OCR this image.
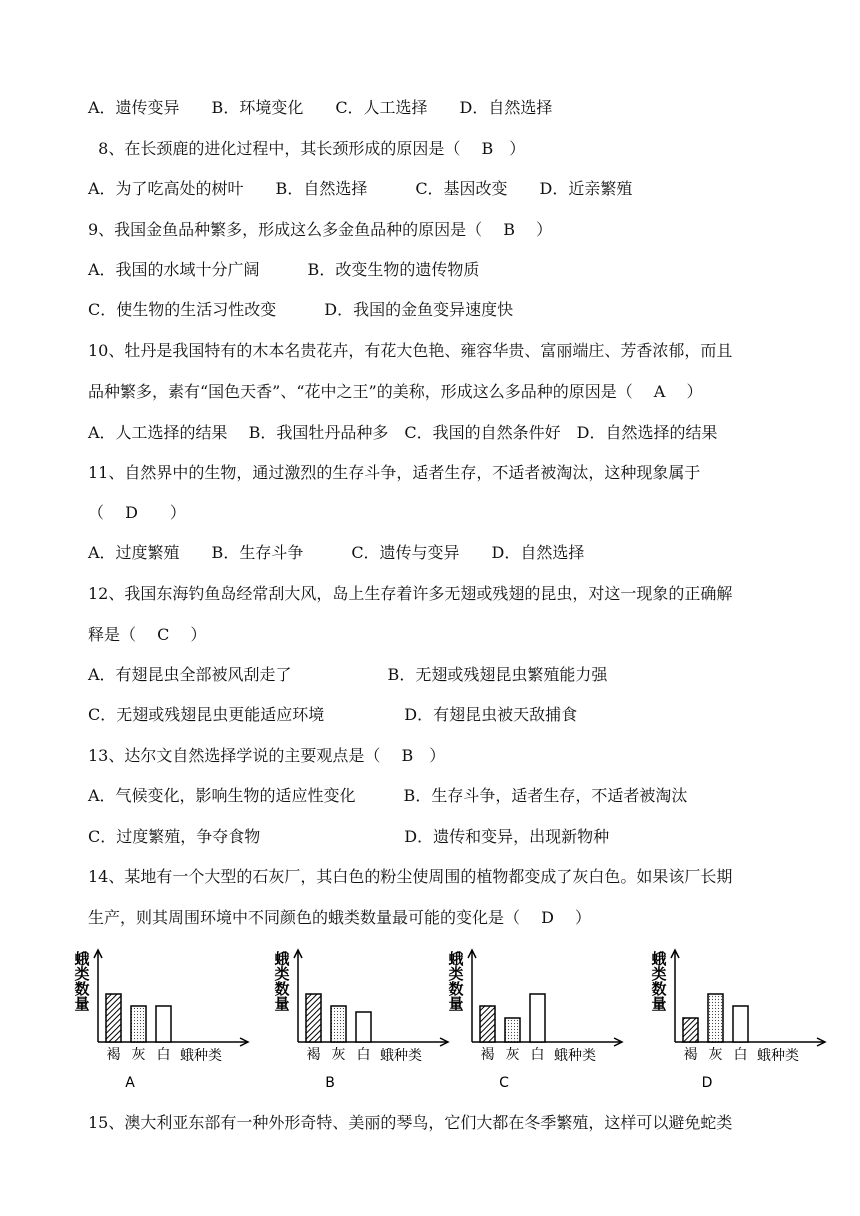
A．遗传变异　　B．环境变化　　C．人工选择　　D．自然选择
8、在长颈鹿的进化过程中，其长颈形成的原因是（　 B　）
A．为了吃高处的树叶　　B．自然选择　　　C．基因改变　　D．近亲繁殖
9、我国金鱼品种繁多，形成这么多金鱼品种的原因是（　 B　 ）
A．我国的水域十分广阔　　　B．改变生物的遗传物质
C．使生物的生活习性改变　　　D．我国的金鱼变异速度快
10、牡丹是我国特有的木本名贵花卉，有花大色艳、雍容华贵、富丽端庄、芳香浓郁，而且
品种繁多，素有“国色天香”、“花中之王”的美称，形成这么多品种的原因是（　 A　 ）
A．人工选择的结果　 B．我国牡丹品种多　C．我国的自然条件好　D．自然选择的结果
11、自然界中的生物，通过激烈的生存斗争，适者生存，不适者被淘汰，这种现象属于
（　 D　　）
A．过度繁殖　　B．生存斗争　　　C．遗传与变异　　D．自然选择
12、我国东海钓鱼岛经常刮大风，岛上生存着许多无翅或残翅的昆虫，对这一现象的正确解
释是（　 C　 ）
A．有翅昆虫全部被风刮走了　　　　　　B．无翅或残翅昆虫繁殖能力强
C．无翅或残翅昆虫更能适应环境　　　　　D．有翅昆虫被天敌捕食
13、达尔文自然选择学说的主要观点是（　 B　）
A．气候变化，影响生物的适应性变化　　　B．生存斗争，适者生存，不适者被淘汰
C．过度繁殖，争夺食物　　　　　　　　　D．遗传和变异，出现新物种
14、某地有一个大型的石灰厂，其白色的粉尘使周围的植物都变成了灰白色。如果该厂长期
生产，则其周围环境中不同颜色的蛾类数量最可能的变化是（　 D　 ）
蛾类数量
褐 灰 白 蛾种类
A
蛾类数量
褐 灰 白 蛾种类
B
蛾类数量
褐 灰 白 蛾种类
C
蛾类数量
褐 灰 白 蛾种类
D
15、澳大利亚东部有一种外形奇特、美丽的琴鸟，它们大都在冬季繁殖，这样可以避免蛇类
